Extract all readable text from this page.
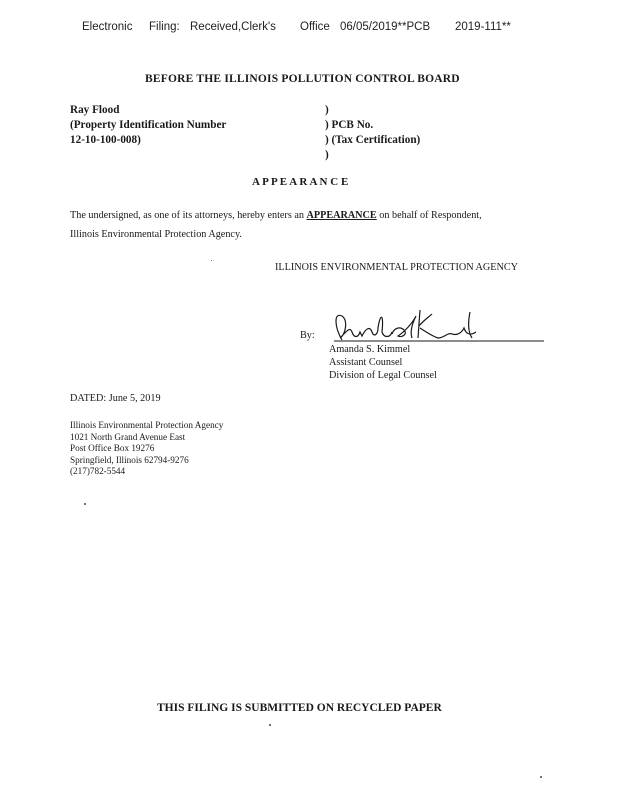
Electronic Filing: Received,Clerk's Office 06/05/2019**PCB 2019-111**
BEFORE THE ILLINOIS POLLUTION CONTROL BOARD
Ray Flood
(Property Identification Number
12-10-100-008)
)
) PCB No.
) (Tax Certification)
)
A P P E A R A N C E
The undersigned, as one of its attorneys, hereby enters an APPEARANCE on behalf of Respondent,
Illinois Environmental Protection Agency.
ILLINOIS ENVIRONMENTAL PROTECTION AGENCY
By:
Amanda S. Kimmel
Assistant Counsel
Division of Legal Counsel
DATED: June 5, 2019
Illinois Environmental Protection Agency
1021 North Grand Avenue East
Post Office Box 19276
Springfield, Illinois 62794-9276
(217)782-5544
THIS FILING IS SUBMITTED ON RECYCLED PAPER
